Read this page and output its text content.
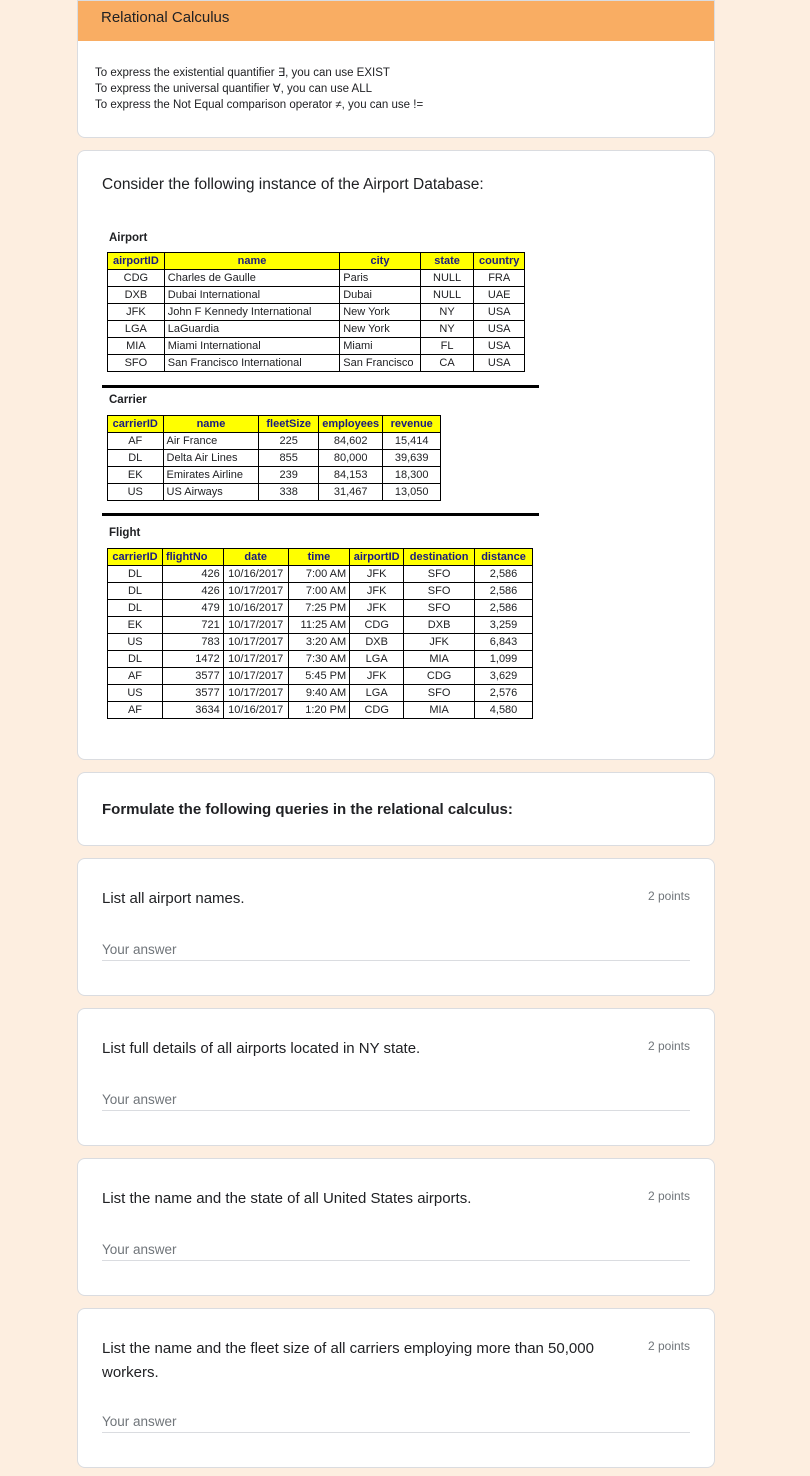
Relational Calculus
To express the existential quantifier ∃, you can use EXIST
To express the universal quantifier ∀, you can use ALL
To express the Not Equal comparison operator ≠, you can use !=
Consider the following instance of the Airport Database:
Airport
airportID	name	city	state	country
CDG	Charles de Gaulle	Paris	NULL	FRA
DXB	Dubai International	Dubai	NULL	UAE
JFK	John F Kennedy International	New York	NY	USA
LGA	LaGuardia	New York	NY	USA
MIA	Miami International	Miami	FL	USA
SFO	San Francisco International	San Francisco	CA	USA
Carrier
carrierID	name	fleetSize	employees	revenue
AF	Air France	225	84,602	15,414
DL	Delta Air Lines	855	80,000	39,639
EK	Emirates Airline	239	84,153	18,300
US	US Airways	338	31,467	13,050
Flight
carrierID	flightNo	date	time	airportID	destination	distance
DL	426	10/16/2017	7:00 AM	JFK	SFO	2,586
DL	426	10/17/2017	7:00 AM	JFK	SFO	2,586
DL	479	10/16/2017	7:25 PM	JFK	SFO	2,586
EK	721	10/17/2017	11:25 AM	CDG	DXB	3,259
US	783	10/17/2017	3:20 AM	DXB	JFK	6,843
DL	1472	10/17/2017	7:30 AM	LGA	MIA	1,099
AF	3577	10/17/2017	5:45 PM	JFK	CDG	3,629
US	3577	10/17/2017	9:40 AM	LGA	SFO	2,576
AF	3634	10/16/2017	1:20 PM	CDG	MIA	4,580
Formulate the following queries in the relational calculus:
List all airport names.	2 points
Your answer
List full details of all airports located in NY state.	2 points
Your answer
List the name and the state of all United States airports.	2 points
Your answer
List the name and the fleet size of all carriers employing more than 50,000 workers.
2 points
Your answer
